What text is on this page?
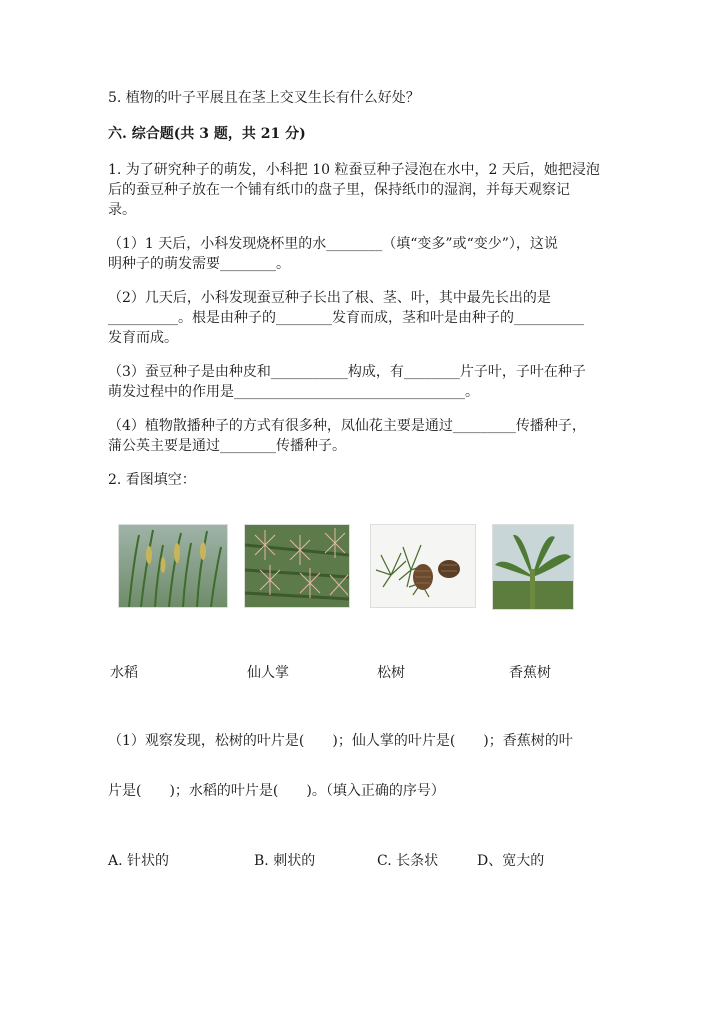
5. 植物的叶子平展且在茎上交叉生长有什么好处？
六. 综合题(共 3 题，共 21 分)
1. 为了研究种子的萌发，小科把 10 粒蚕豆种子浸泡在水中，2 天后，她把浸泡
后的蚕豆种子放在一个铺有纸巾的盘子里，保持纸巾的湿润，并每天观察记
录。
（1）1 天后，小科发现烧杯里的水________（填“变多”或“变少”），这说
明种子的萌发需要________。
（2）几天后，小科发现蚕豆种子长出了根、茎、叶，其中最先长出的是
__________。根是由种子的________发育而成，茎和叶是由种子的__________
发育而成。
（3）蚕豆种子是由种皮和___________构成，有________片子叶，子叶在种子
萌发过程中的作用是_________________________________。
（4）植物散播种子的方式有很多种，凤仙花主要是通过_________传播种子，
蒲公英主要是通过________传播种子。
2. 看图填空：
水稻	仙人掌	松树	香蕉树
（1）观察发现，松树的叶片是(　　)；仙人掌的叶片是(　　)；香蕉树的叶
片是(　　)；水稻的叶片是(　　)。（填入正确的序号）
A. 针状的	B. 刺状的	C. 长条状	D、宽大的
